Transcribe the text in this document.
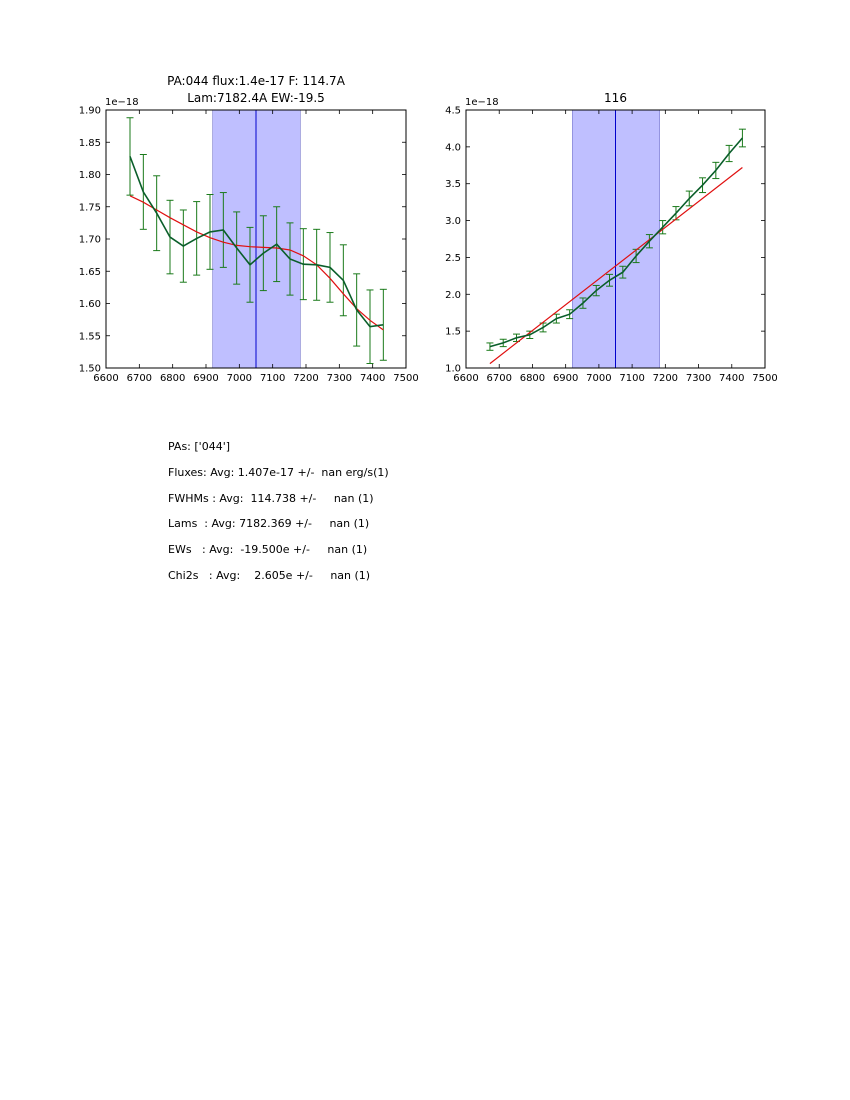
6600 6700 6800 6900 7000 7100 7200 7300 7400 7500
1.50
1.55
1.60
1.65
1.70
1.75
1.80
1.85
1.90
1e−18
PA:044 flux:1.4e-17 F: 114.7A
Lam:7182.4A EW:-19.5
6600 6700 6800 6900 7000 7100 7200 7300 7400 7500
1.0
1.5
2.0
2.5
3.0
3.5
4.0
4.5
1e−18	116
PAs: ['044']
Fluxes: Avg: 1.407e-17 +/-  nan erg/s(1)
FWHMs : Avg:  114.738 +/-     nan (1)
Lams  : Avg: 7182.369 +/-     nan (1)
EWs   : Avg:  -19.500e +/-     nan (1)
Chi2s   : Avg:    2.605e +/-     nan (1)
